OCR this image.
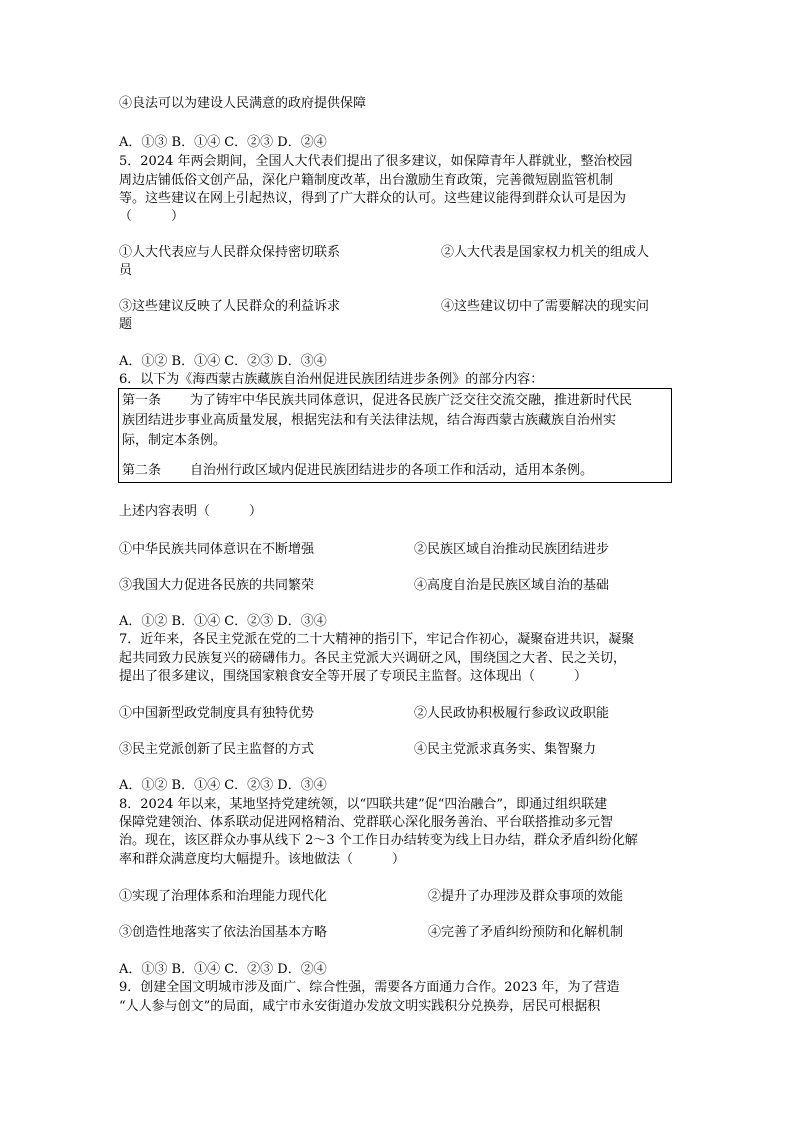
④良法可以为建设人民满意的政府提供保障
A．①③ B．①④ C．②③ D．②④
5．2024 年两会期间，全国人大代表们提出了很多建议，如保障青年人群就业，整治校园
周边店铺低俗文创产品，深化户籍制度改革，出台激励生育政策，完善微短剧监管机制
等。这些建议在网上引起热议，得到了广大群众的认可。这些建议能得到群众认可是因为
（　　　）
①人大代表应与人民群众保持密切联系	②人大代表是国家权力机关的组成人
员
③这些建议反映了人民群众的利益诉求	④这些建议切中了需要解决的现实问
题
A．①② B．①④ C．②③ D．③④
6．以下为《海西蒙古族藏族自治州促进民族团结进步条例》的部分内容：
第一条 为了铸牢中华民族共同体意识，促进各民族广泛交往交流交融，推进新时代民
族团结进步事业高质量发展，根据宪法和有关法律法规，结合海西蒙古族藏族自治州实
际，制定本条例。
第二条 自治州行政区域内促进民族团结进步的各项工作和活动，适用本条例。
上述内容表明（　　　）
①中华民族共同体意识在不断增强	②民族区域自治推动民族团结进步
③我国大力促进各民族的共同繁荣	④高度自治是民族区域自治的基础
A．①② B．①④ C．②③ D．③④
7．近年来，各民主党派在党的二十大精神的指引下，牢记合作初心，凝聚奋进共识，凝聚
起共同致力民族复兴的磅礴伟力。各民主党派大兴调研之风，围绕国之大者、民之关切，
提出了很多建议，围绕国家粮食安全等开展了专项民主监督。这体现出（　　　）
①中国新型政党制度具有独特优势	②人民政协积极履行参政议政职能
③民主党派创新了民主监督的方式	④民主党派求真务实、集智聚力
A．①② B．①④ C．②③ D．③④
8．2024 年以来，某地坚持党建统领，以“四联共建”促“四治融合”，即通过组织联建
保障党建领治、体系联动促进网格精治、党群联心深化服务善治、平台联搭推动多元智
治。现在，该区群众办事从线下 2～3 个工作日办结转变为线上日办结，群众矛盾纠纷化解
率和群众满意度均大幅提升。该地做法（　　　）
①实现了治理体系和治理能力现代化	②提升了办理涉及群众事项的效能
③创造性地落实了依法治国基本方略	④完善了矛盾纠纷预防和化解机制
A．①③ B．①④ C．②③ D．②④
9．创建全国文明城市涉及面广、综合性强，需要各方面通力合作。2023 年，为了营造
“人人参与创文”的局面，咸宁市永安街道办发放文明实践积分兑换券，居民可根据积
